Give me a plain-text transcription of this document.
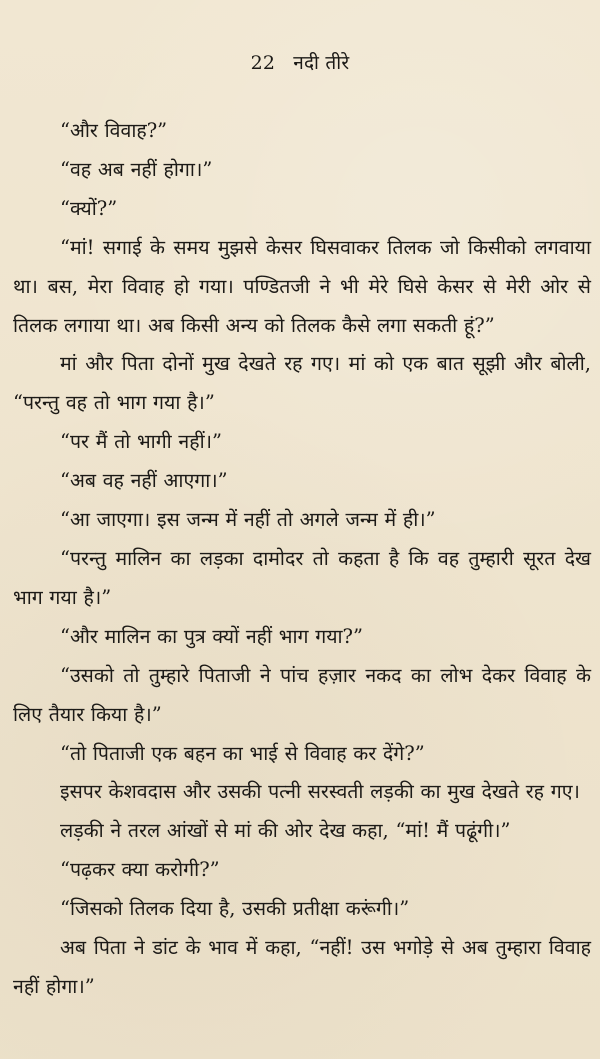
22 नदी तीरे

“और विवाह?”

“वह अब नहीं होगा।”

“क्यों?”

“मां! सगाई के समय मुझसे केसर घिसवाकर तिलक जो किसीको लगवाया था। बस, मेरा विवाह हो गया। पण्डितजी ने भी मेरे घिसे केसर से मेरी ओर से तिलक लगाया था। अब किसी अन्य को तिलक कैसे लगा सकती हूं?”

मां और पिता दोनों मुख देखते रह गए। मां को एक बात सूझी और बोली, “परन्तु वह तो भाग गया है।”

“पर मैं तो भागी नहीं।”

“अब वह नहीं आएगा।”

“आ जाएगा। इस जन्म में नहीं तो अगले जन्म में ही।”

“परन्तु मालिन का लड़का दामोदर तो कहता है कि वह तुम्हारी सूरत देख भाग गया है।”

“और मालिन का पुत्र क्यों नहीं भाग गया?”

“उसको तो तुम्हारे पिताजी ने पांच हज़ार नकद का लोभ देकर विवाह के लिए तैयार किया है।”

“तो पिताजी एक बहन का भाई से विवाह कर देंगे?”

इसपर केशवदास और उसकी पत्नी सरस्वती लड़की का मुख देखते रह गए।

लड़की ने तरल आंखों से मां की ओर देख कहा, “मां! मैं पढूंगी।”

“पढ़कर क्या करोगी?”

“जिसको तिलक दिया है, उसकी प्रतीक्षा करूंगी।”

अब पिता ने डांट के भाव में कहा, “नहीं! उस भगोड़े से अब तुम्हारा विवाह नहीं होगा।”
